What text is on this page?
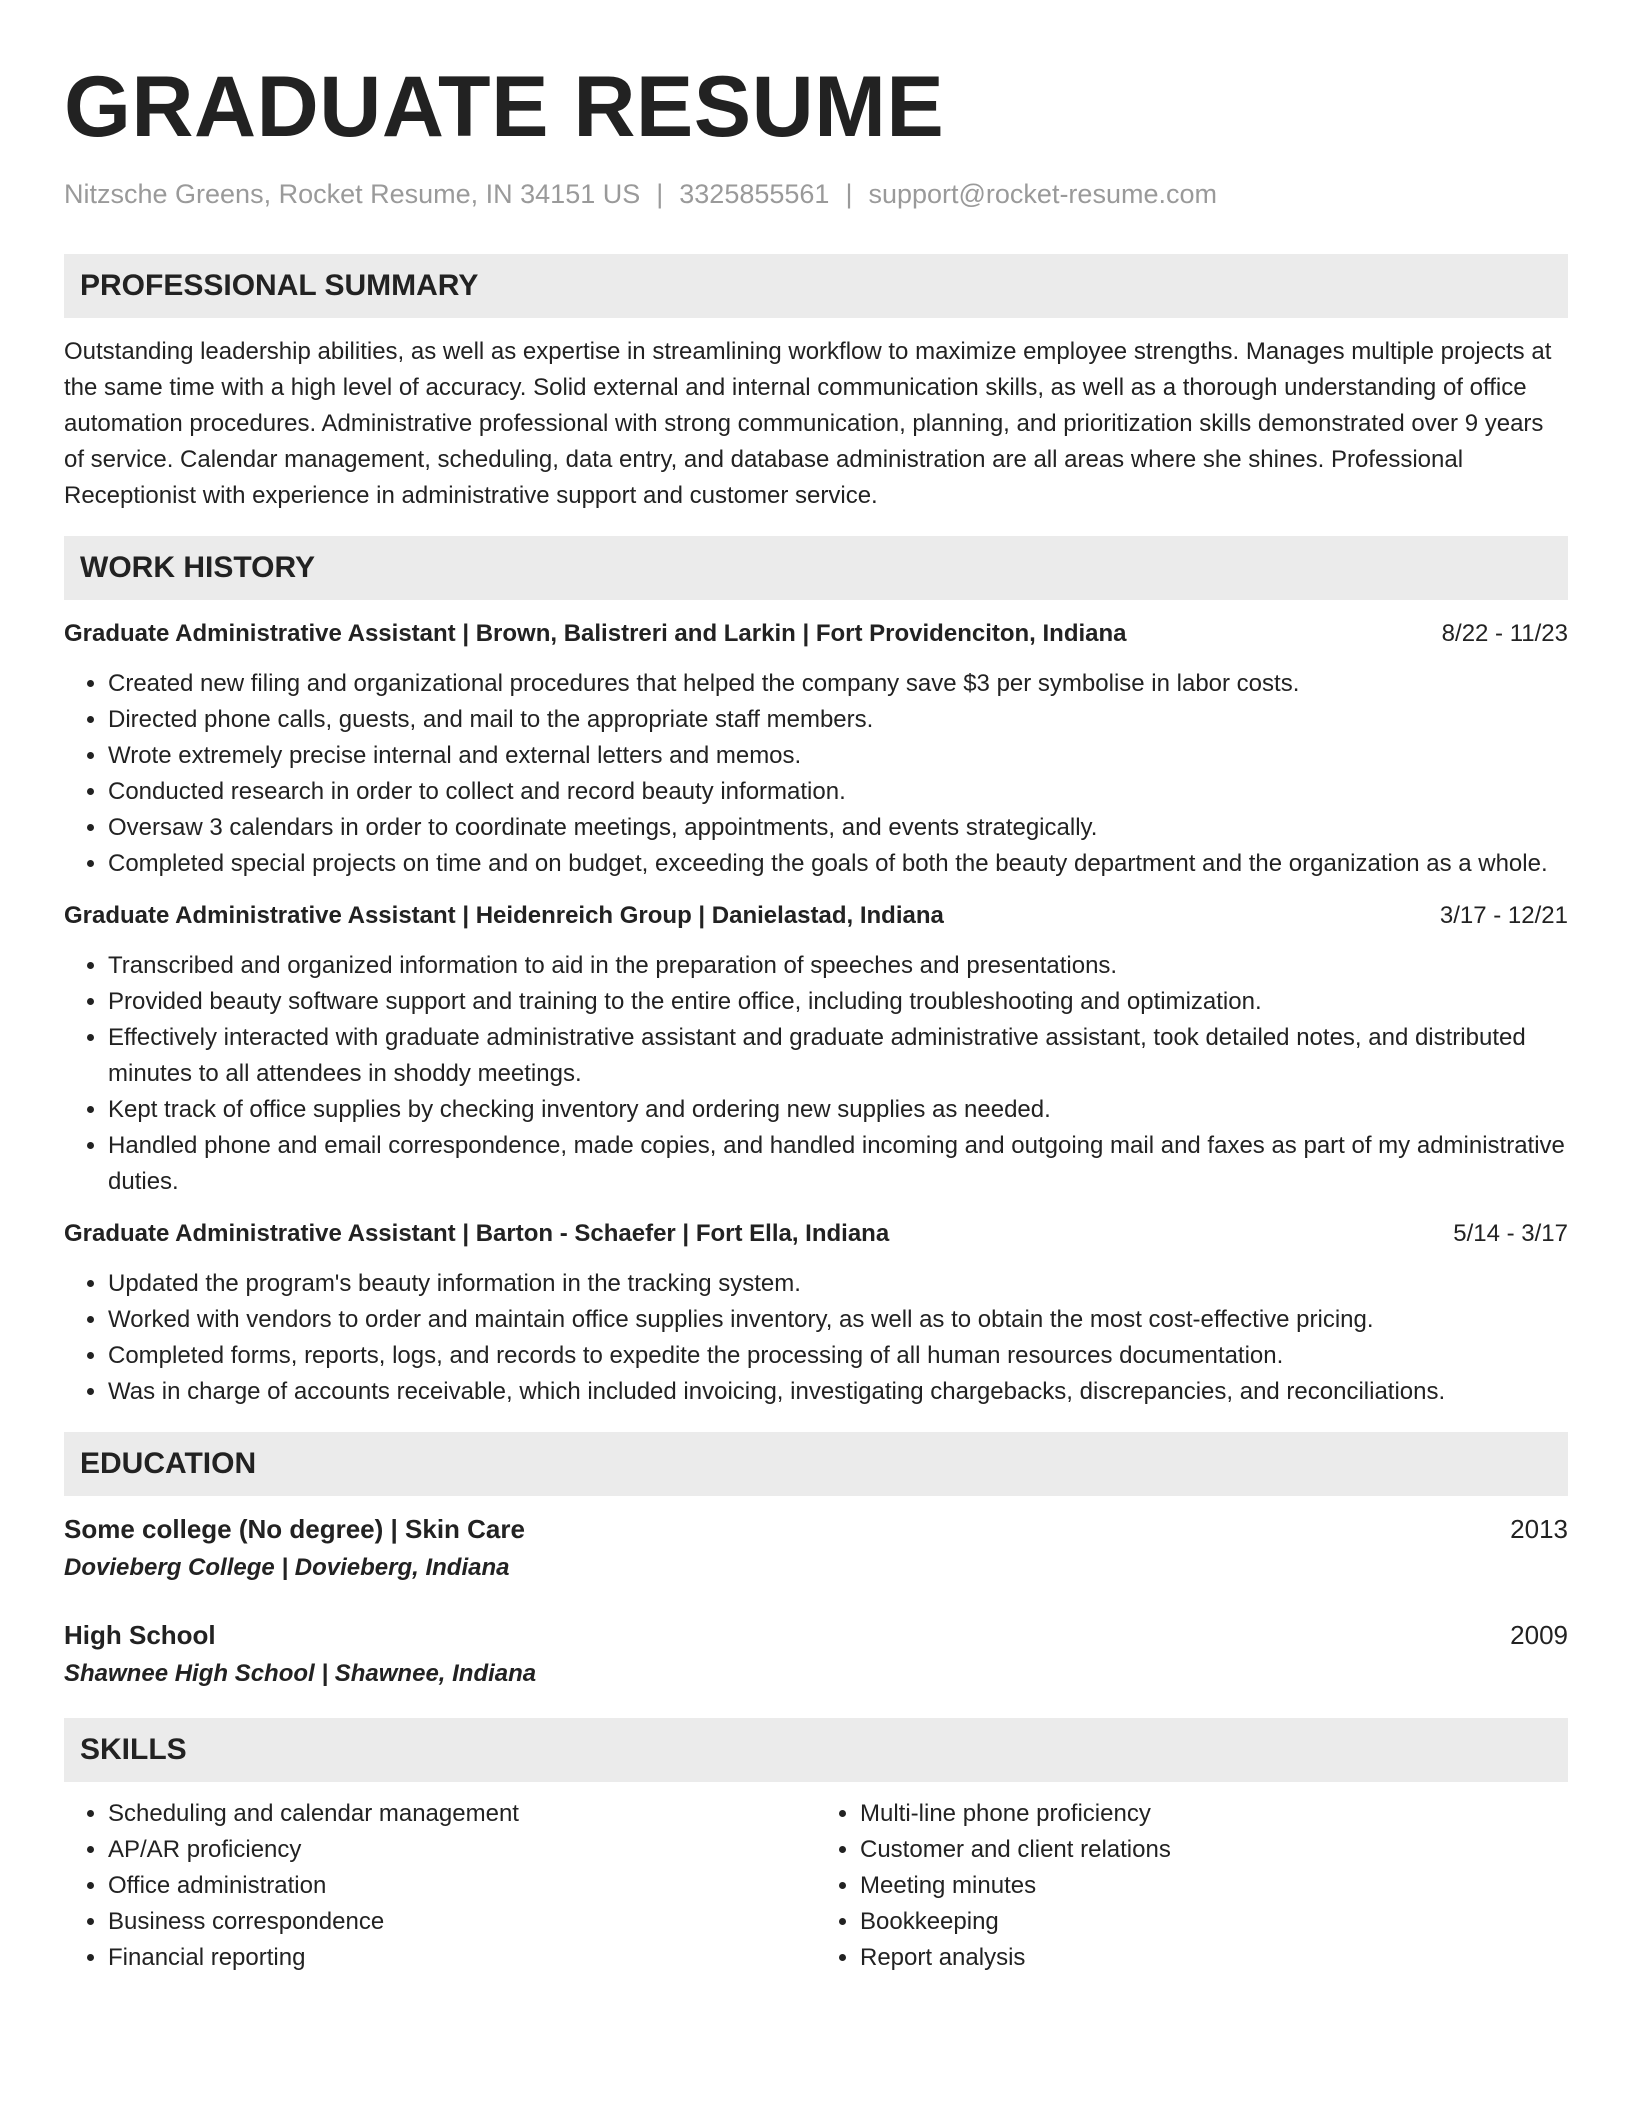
GRADUATE RESUME
Nitzsche Greens, Rocket Resume, IN 34151 US | 3325855561 | support@rocket-resume.com
PROFESSIONAL SUMMARY
Outstanding leadership abilities, as well as expertise in streamlining workflow to maximize employee strengths. Manages multiple projects at the same time with a high level of accuracy. Solid external and internal communication skills, as well as a thorough understanding of office automation procedures. Administrative professional with strong communication, planning, and prioritization skills demonstrated over 9 years of service. Calendar management, scheduling, data entry, and database administration are all areas where she shines. Professional Receptionist with experience in administrative support and customer service.
WORK HISTORY
Graduate Administrative Assistant | Brown, Balistreri and Larkin | Fort Providenciton, Indiana	8/22 - 11/23
• Created new filing and organizational procedures that helped the company save $3 per symbolise in labor costs.
• Directed phone calls, guests, and mail to the appropriate staff members.
• Wrote extremely precise internal and external letters and memos.
• Conducted research in order to collect and record beauty information.
• Oversaw 3 calendars in order to coordinate meetings, appointments, and events strategically.
• Completed special projects on time and on budget, exceeding the goals of both the beauty department and the organization as a whole.
Graduate Administrative Assistant | Heidenreich Group | Danielastad, Indiana	3/17 - 12/21
• Transcribed and organized information to aid in the preparation of speeches and presentations.
• Provided beauty software support and training to the entire office, including troubleshooting and optimization.
• Effectively interacted with graduate administrative assistant and graduate administrative assistant, took detailed notes, and distributed minutes to all attendees in shoddy meetings.
• Kept track of office supplies by checking inventory and ordering new supplies as needed.
• Handled phone and email correspondence, made copies, and handled incoming and outgoing mail and faxes as part of my administrative duties.
Graduate Administrative Assistant | Barton - Schaefer | Fort Ella, Indiana	5/14 - 3/17
• Updated the program's beauty information in the tracking system.
• Worked with vendors to order and maintain office supplies inventory, as well as to obtain the most cost-effective pricing.
• Completed forms, reports, logs, and records to expedite the processing of all human resources documentation.
• Was in charge of accounts receivable, which included invoicing, investigating chargebacks, discrepancies, and reconciliations.
EDUCATION
Some college (No degree) | Skin Care	2013
Dovieberg College | Dovieberg, Indiana
High School	2009
Shawnee High School | Shawnee, Indiana
SKILLS
• Scheduling and calendar management
• AP/AR proficiency
• Office administration
• Business correspondence
• Financial reporting
• Multi-line phone proficiency
• Customer and client relations
• Meeting minutes
• Bookkeeping
• Report analysis
